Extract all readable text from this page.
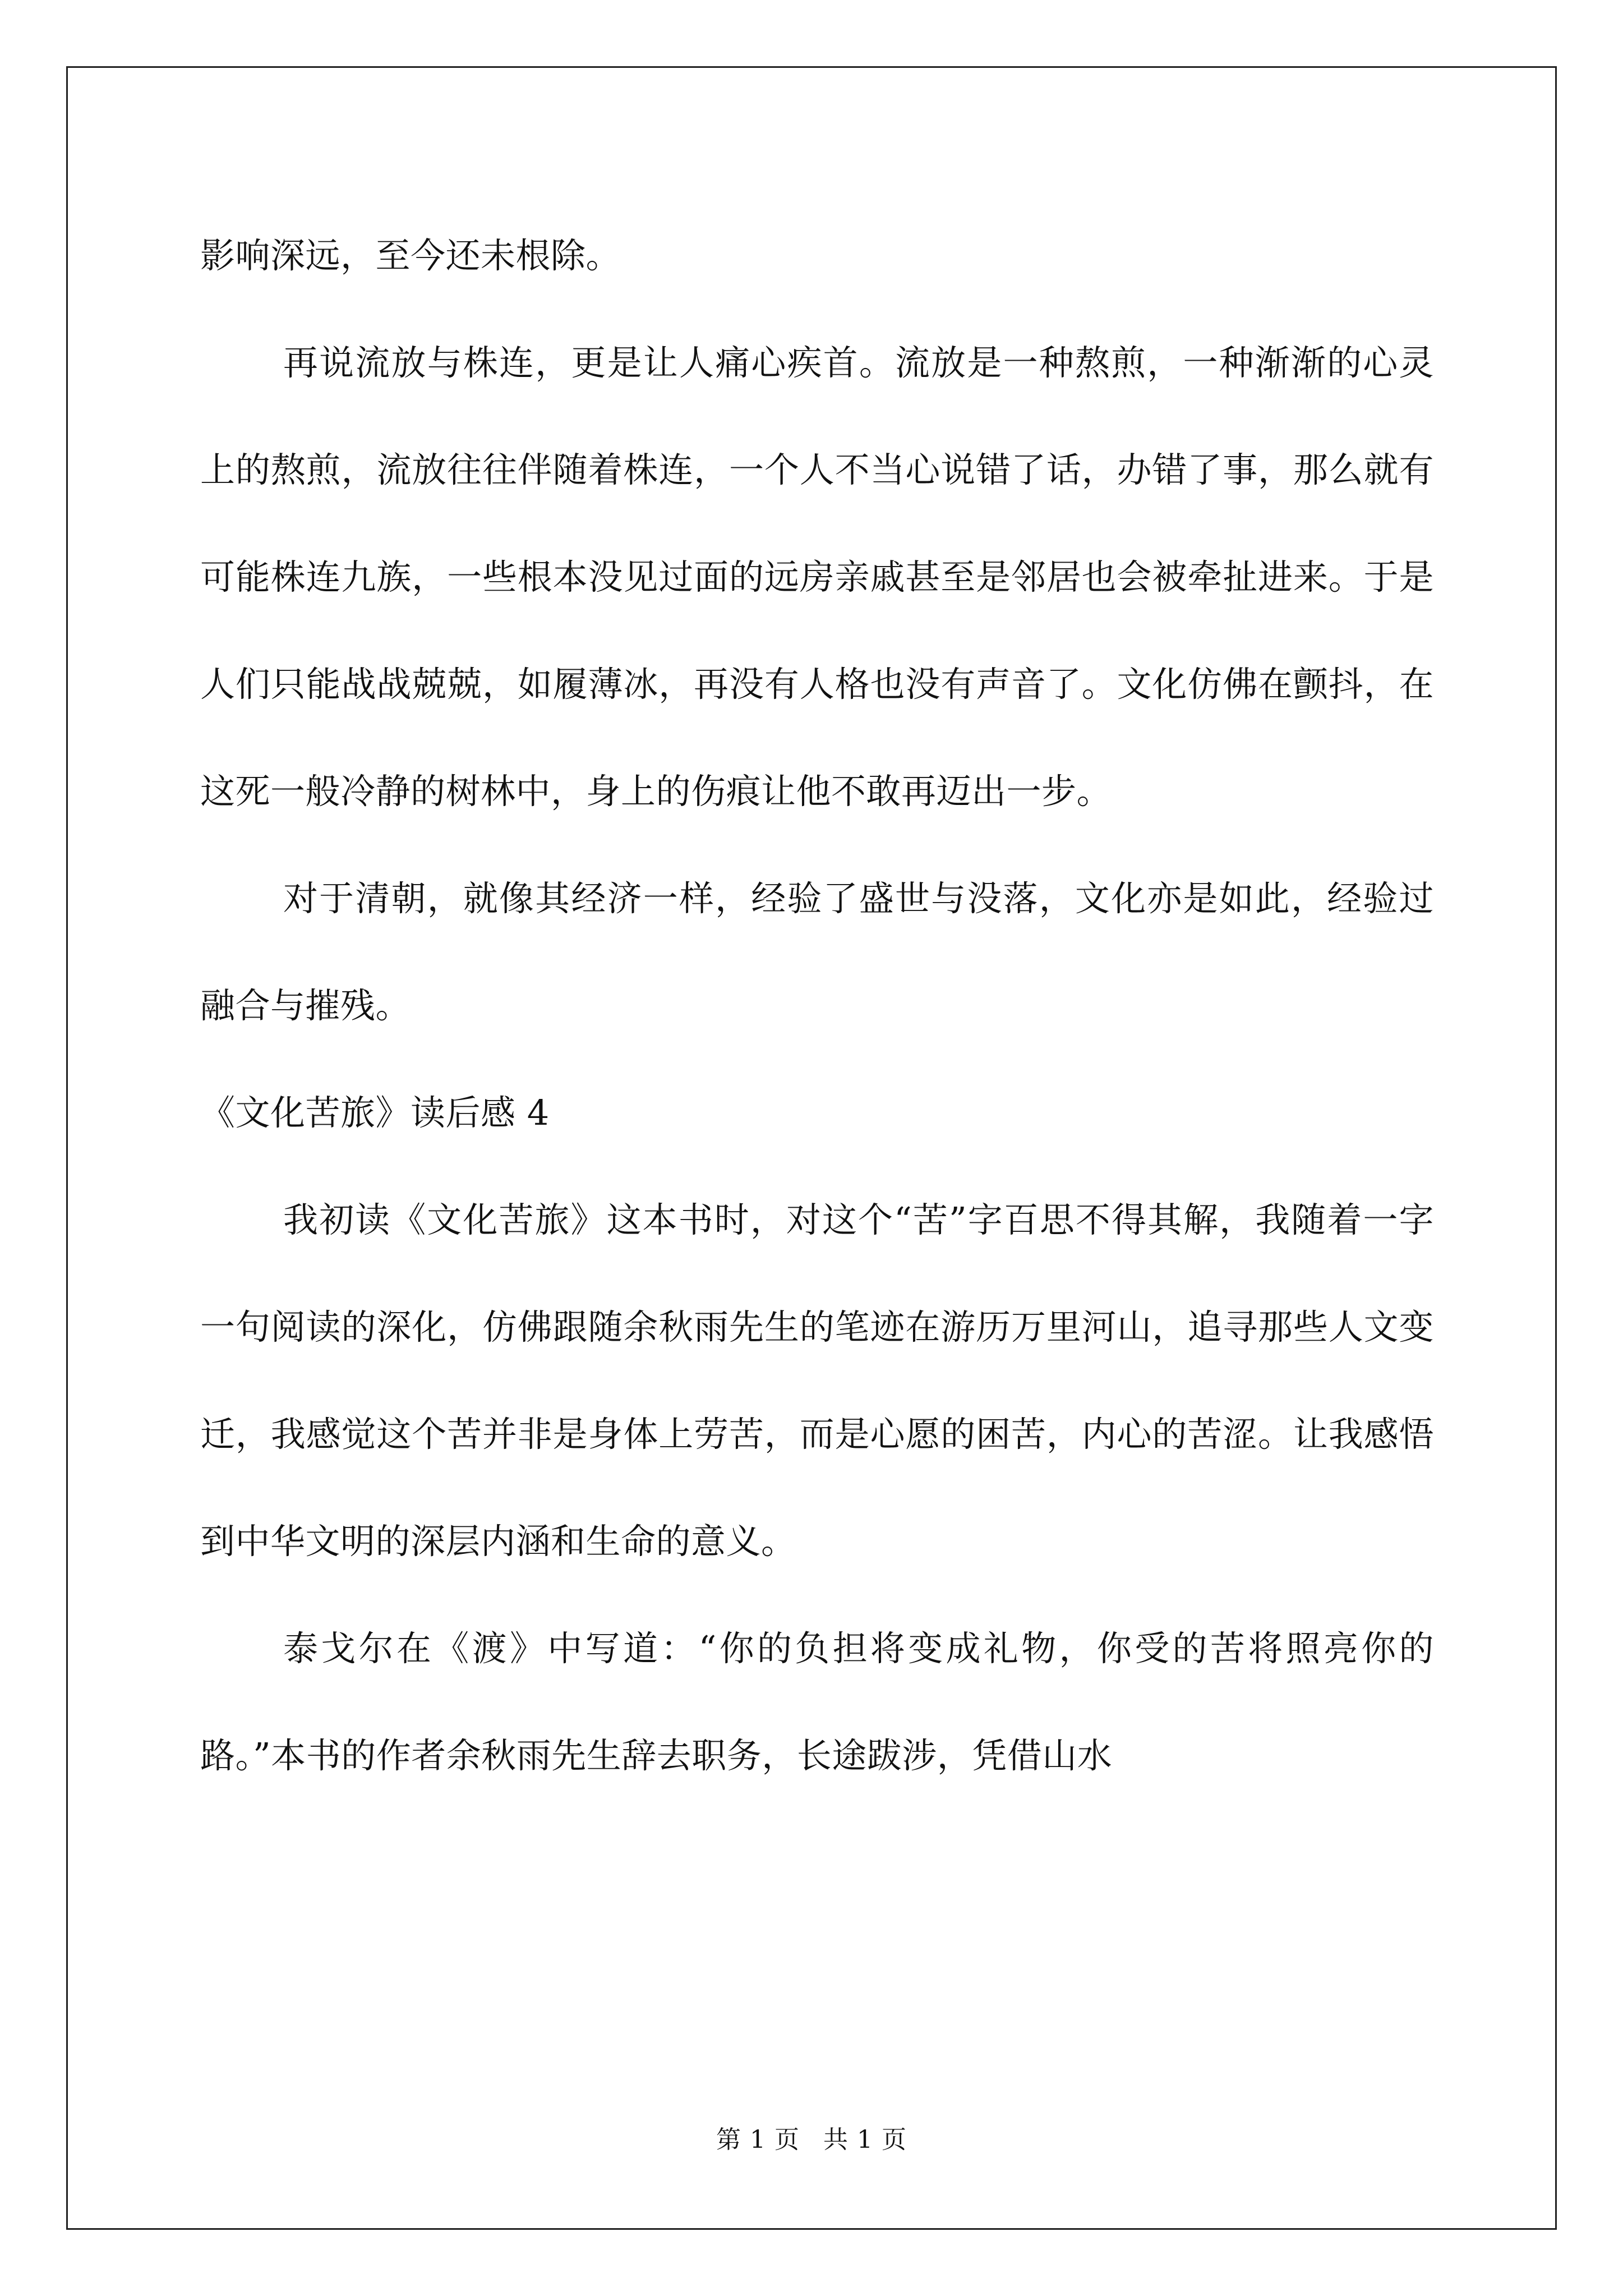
影响深远，至今还未根除。

再说流放与株连，更是让人痛心疾首。流放是一种熬煎，一种渐渐的心灵上的熬煎，流放往往伴随着株连，一个人不当心说错了话，办错了事，那么就有可能株连九族，一些根本没见过面的远房亲戚甚至是邻居也会被牵扯进来。于是人们只能战战兢兢，如履薄冰，再没有人格也没有声音了。文化仿佛在颤抖，在这死一般冷静的树林中，身上的伤痕让他不敢再迈出一步。

对于清朝，就像其经济一样，经验了盛世与没落，文化亦是如此，经验过融合与摧残。

《文化苦旅》读后感 4

我初读《文化苦旅》这本书时，对这个“苦”字百思不得其解，我随着一字一句阅读的深化，仿佛跟随余秋雨先生的笔迹在游历万里河山，追寻那些人文变迁，我感觉这个苦并非是身体上劳苦，而是心愿的困苦，内心的苦涩。让我感悟到中华文明的深层内涵和生命的意义。

泰戈尔在《渡》中写道：“你的负担将变成礼物，你受的苦将照亮你的路。”本书的作者余秋雨先生辞去职务，长途跋涉，凭借山水

第 1 页 共 1 页
